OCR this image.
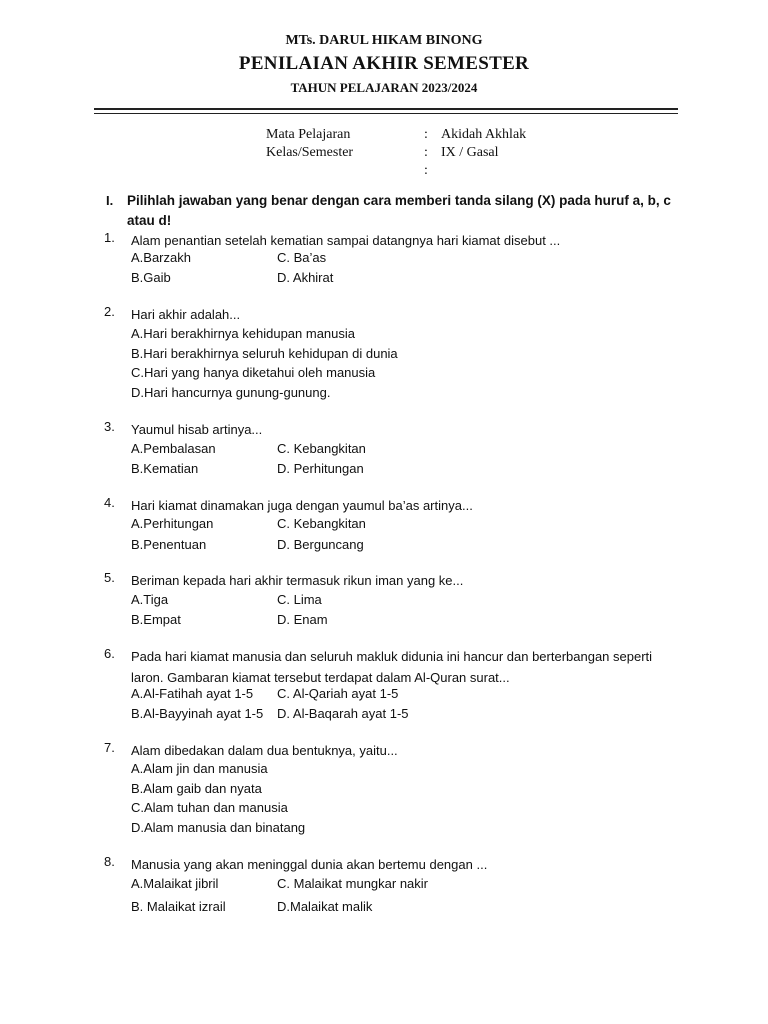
MTs. DARUL HIKAM BINONG
PENILAIAN AKHIR SEMESTER
TAHUN PELAJARAN 2023/2024
Mata Pelajaran	: Akidah Akhlak
Kelas/Semester	: IX / Gasal
:
I. Pilihlah jawaban yang benar dengan cara memberi tanda silang (X) pada huruf a, b, c atau d!
1. Alam penantian setelah kematian sampai datangnya hari kiamat disebut ...
A.Barzakh	C. Ba’as
B.Gaib	D. Akhirat
2. Hari akhir adalah...
A.Hari berakhirnya kehidupan manusia
B.Hari berakhirnya seluruh kehidupan di dunia
C.Hari yang hanya diketahui oleh manusia
D.Hari hancurnya gunung-gunung.
3. Yaumul hisab artinya...
A.Pembalasan	C. Kebangkitan
B.Kematian	D. Perhitungan
4. Hari kiamat dinamakan juga dengan yaumul ba’as artinya...
A.Perhitungan	C. Kebangkitan
B.Penentuan	D. Berguncang
5. Beriman kepada hari akhir termasuk rikun iman yang ke...
A.Tiga	C. Lima
B.Empat	D. Enam
6. Pada hari kiamat manusia dan seluruh makluk didunia ini hancur dan berterbangan seperti laron. Gambaran kiamat tersebut terdapat dalam Al-Quran surat...
A.Al-Fatihah ayat 1-5 C. Al-Qariah ayat 1-5
B.Al-Bayyinah ayat 1-5 D. Al-Baqarah ayat 1-5
7. Alam dibedakan dalam dua bentuknya, yaitu...
A.Alam jin dan manusia
B.Alam gaib dan nyata
C.Alam tuhan dan manusia
D.Alam manusia dan binatang
8. Manusia yang akan meninggal dunia akan bertemu dengan ...
A.Malaikat jibril	C. Malaikat mungkar nakir
B. Malaikat izrail	D.Malaikat malik
